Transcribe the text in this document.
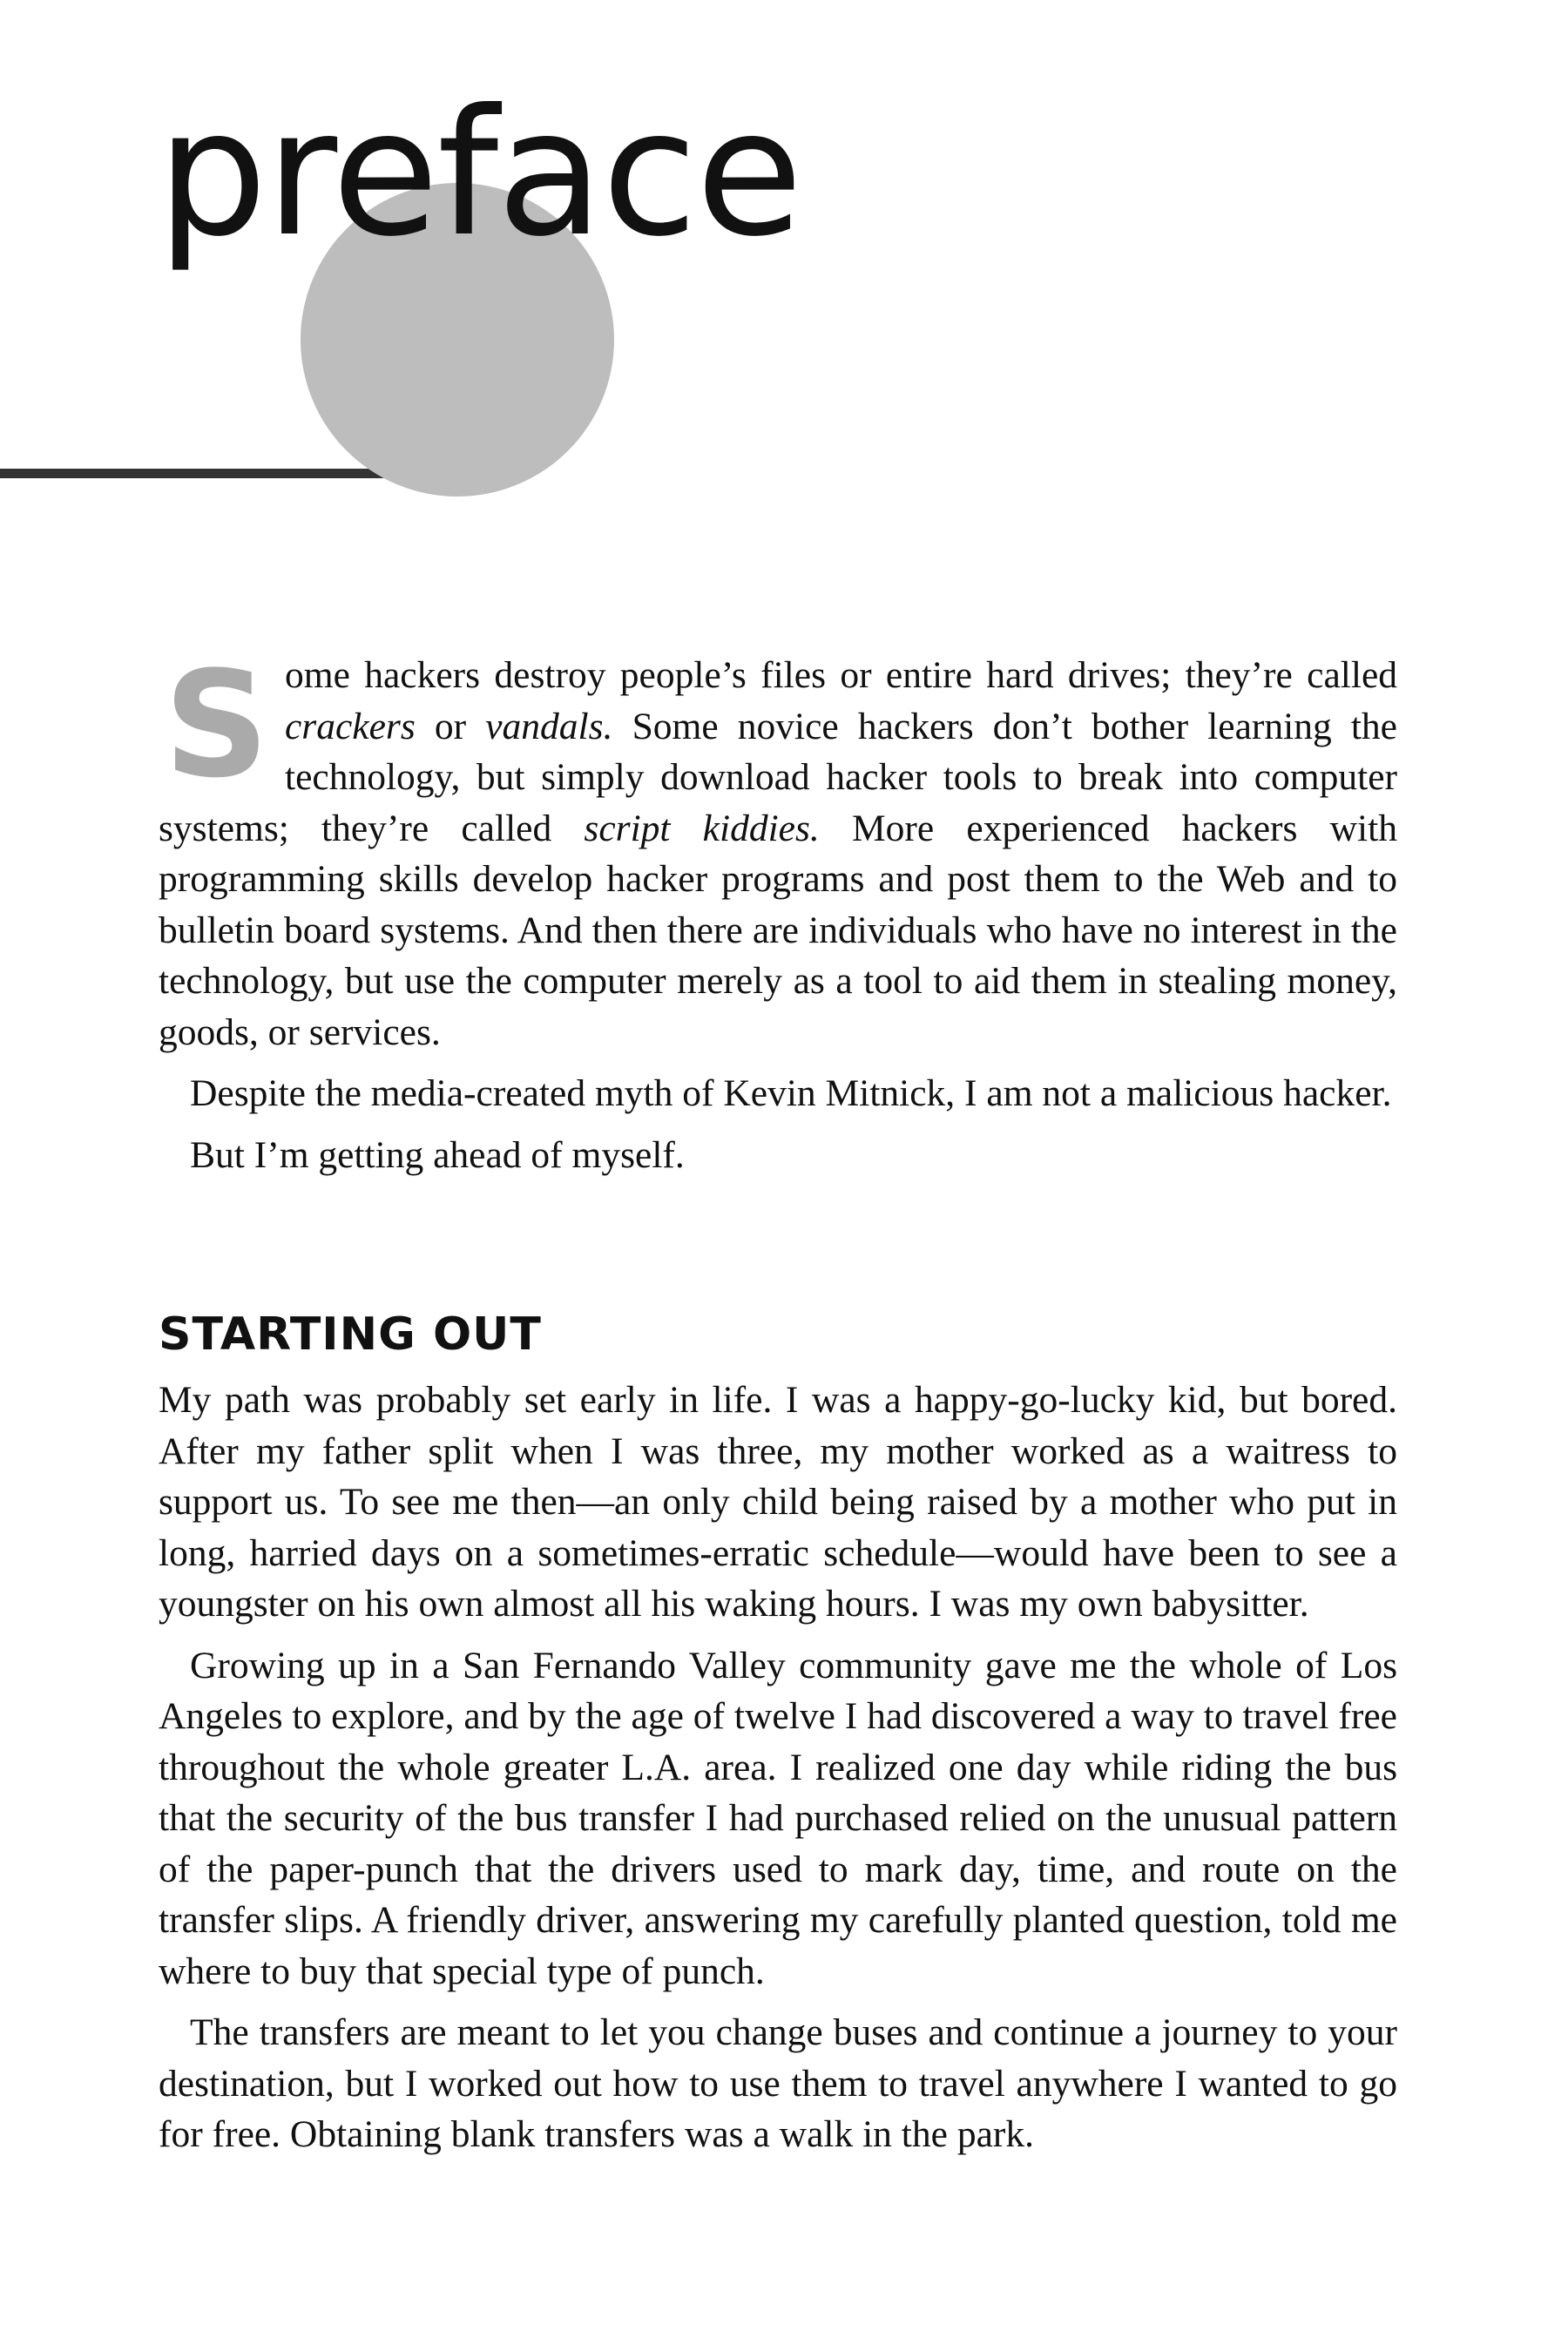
preface

Some hackers destroy people’s files or entire hard drives; they’re called crackers or vandals. Some novice hackers don’t bother learning the technology, but simply download hacker tools to break into computer systems; they’re called script kiddies. More experienced hackers with programming skills develop hacker programs and post them to the Web and to bulletin board systems. And then there are individuals who have no interest in the technology, but use the computer merely as a tool to aid them in stealing money, goods, or services.

Despite the media-created myth of Kevin Mitnick, I am not a malicious hacker.

But I’m getting ahead of myself.

STARTING OUT

My path was probably set early in life. I was a happy-go-lucky kid, but bored. After my father split when I was three, my mother worked as a waitress to support us. To see me then—an only child being raised by a mother who put in long, harried days on a sometimes-erratic schedule—would have been to see a youngster on his own almost all his waking hours. I was my own babysitter.

Growing up in a San Fernando Valley community gave me the whole of Los Angeles to explore, and by the age of twelve I had discovered a way to travel free throughout the whole greater L.A. area. I realized one day while riding the bus that the security of the bus transfer I had purchased relied on the unusual pattern of the paper-punch that the drivers used to mark day, time, and route on the transfer slips. A friendly driver, answering my carefully planted question, told me where to buy that special type of punch.

The transfers are meant to let you change buses and continue a journey to your destination, but I worked out how to use them to travel anywhere I wanted to go for free. Obtaining blank transfers was a walk in the park.
